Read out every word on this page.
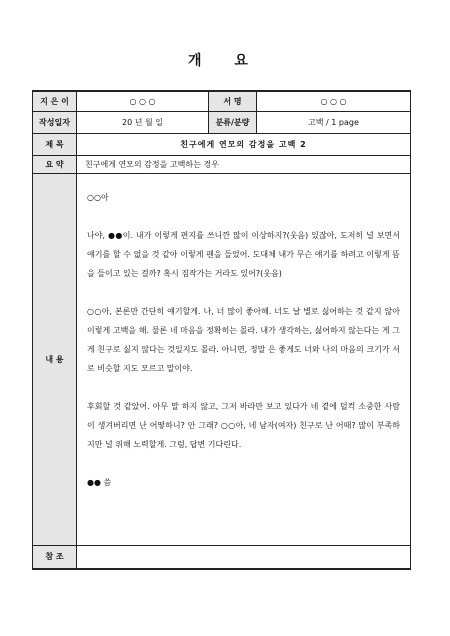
개 요
지 은 이	○ ○ ○	서 명	○ ○ ○
작성일자	20 년 월 일	분류/분량	고백 / 1 page
제 목	친구에게 연모의 감정을 고백 2		
요 약	친구에게 연모의 감정을 고백하는 경우		
내 용	○○아

나야, ●●이. 내가 이렇게 편지를 쓰니깐 많이 이상하지?(웃음) 있잖아, 도저히 널 보면서 얘기를 할 수 없을 것 같아 이렇게 펜을 들었어. 도대체 내가 무슨 얘기를 하려고 이렇게 뜸을 들이고 있는 걸까? 혹시 짐작가는 거라도 있어?(웃음)

○○아, 본론만 간단히 얘기할게. 나, 너 많이 좋아해. 너도 날 별로 싫어하는 것 같지 않아 이렇게 고백을 해. 물론 네 마음을 정확히는 몰라. 내가 생각하는, 싫어하지 않는다는 게 그게 친구로 싫지 않다는 것일지도 몰라. 아니면, 정말 은 좋게도 너와 나의 마음의 크기가 서로 비슷할 지도 모르고 말이야.

후회할 것 같았어. 아무 말 하지 않고, 그저 바라만 보고 있다가 네 곁에 덜컥 소중한 사람이 생겨버리면 난 어떻하니? 안 그래? ○○아, 네 남자(여자) 친구로 난 어때? 많이 부족하지만 널 위해 노력할게. 그럼, 답변 기다린다.

●● 씀		

참 조			
